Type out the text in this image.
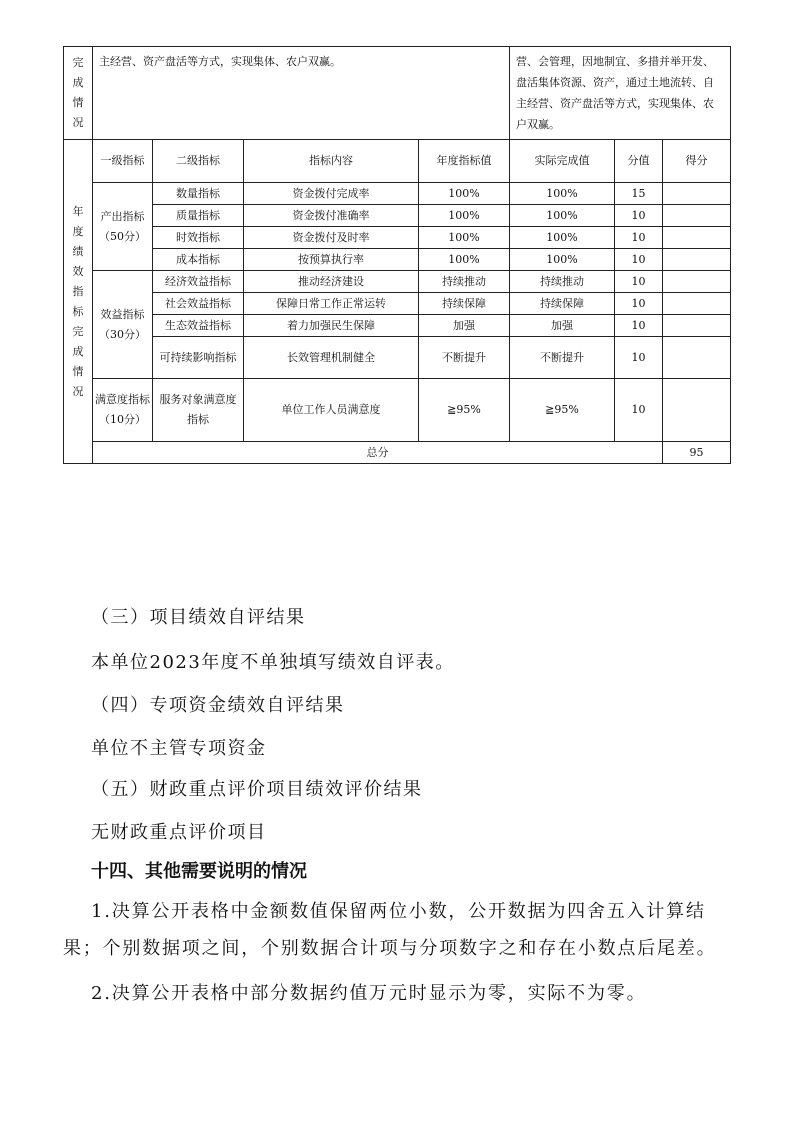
完成情况	主经营、资产盘活等方式，实现集体、农户双赢。				营、会管理，因地制宜、多措并举开发、盘活集体资源、资产，通过土地流转、自主经营、资产盘活等方式，实现集体、农户双赢。			

年度绩效指标完成情况	一级指标	二级指标	指标内容	年度指标值	实际完成值	分值	得分	
	产出指标（50分）	数量指标	资金拨付完成率	100%	100%	15		
		质量指标	资金拨付准确率	100%	100%	10		
		时效指标	资金拨付及时率	100%	100%	10		
		成本指标	按预算执行率	100%	100%	10		
	效益指标（30分）	经济效益指标	推动经济建设	持续推动	持续推动	10		
		社会效益指标	保障日常工作正常运转	持续保障	持续保障	10		
		生态效益指标	着力加强民生保障	加强	加强	10		
		可持续影响指标	长效管理机制健全	不断提升	不断提升	10		
	满意度指标（10分）	服务对象满意度指标	单位工作人员满意度	≧95%	≧95%	10		
	总分						95	
（三）项目绩效自评结果
本单位2023年度不单独填写绩效自评表。
（四）专项资金绩效自评结果
单位不主管专项资金
（五）财政重点评价项目绩效评价结果
无财政重点评价项目
十四、其他需要说明的情况
1.决算公开表格中金额数值保留两位小数，公开数据为四舍五入计算结果；个别数据项之间，个别数据合计项与分项数字之和存在小数点后尾差。
2.决算公开表格中部分数据约值万元时显示为零，实际不为零。
